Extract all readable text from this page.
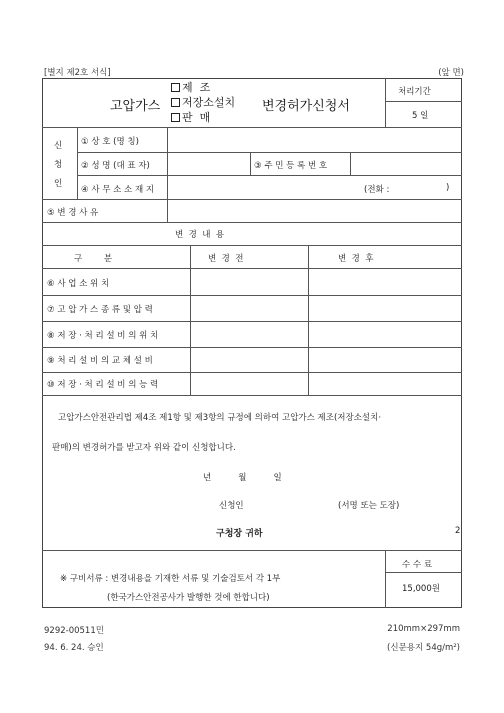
[별지 제2호 서식]	(앞 면)
고압가스
제  조
저장소설치
판  매
변경허가신청서
처리기간
5 일
신
청
인
① 상 호 (명 칭)
② 성 명 (대 표 자)	③ 주 민 등 록 번 호
④ 사 무 소 소 재 지	(전화 :	)
⑤ 변 경 사 유
변  경  내  용
구        분	변  경  전	변  경  후
⑥ 사 업 소 위 치
⑦ 고 압 가 스 종 류 및 압 력
⑧ 저 장 · 처 리 설 비 의 위 치
⑨ 처 리 설 비 의 교 체 설 비
⑩ 저 장 · 처 리 설 비 의 능 력
고압가스안전관리법 제4조 제1항 및 제3항의 규정에 의하여 고압가스 제조(저장소설치·
판매)의 변경허가를 받고자 위와 같이 신청합니다.
년          월          일
신청인	(서명 또는 도장)
구청장 귀하	2
※ 구비서류 : 변경내용을 기재한 서류 및 기술검토서 각 1부
(한국가스안전공사가 발행한 것에 한합니다)
수 수 료
15,000원
9292-00511민
94. 6. 24. 승인
210mm×297mm
(신문용지 54g/m²)
